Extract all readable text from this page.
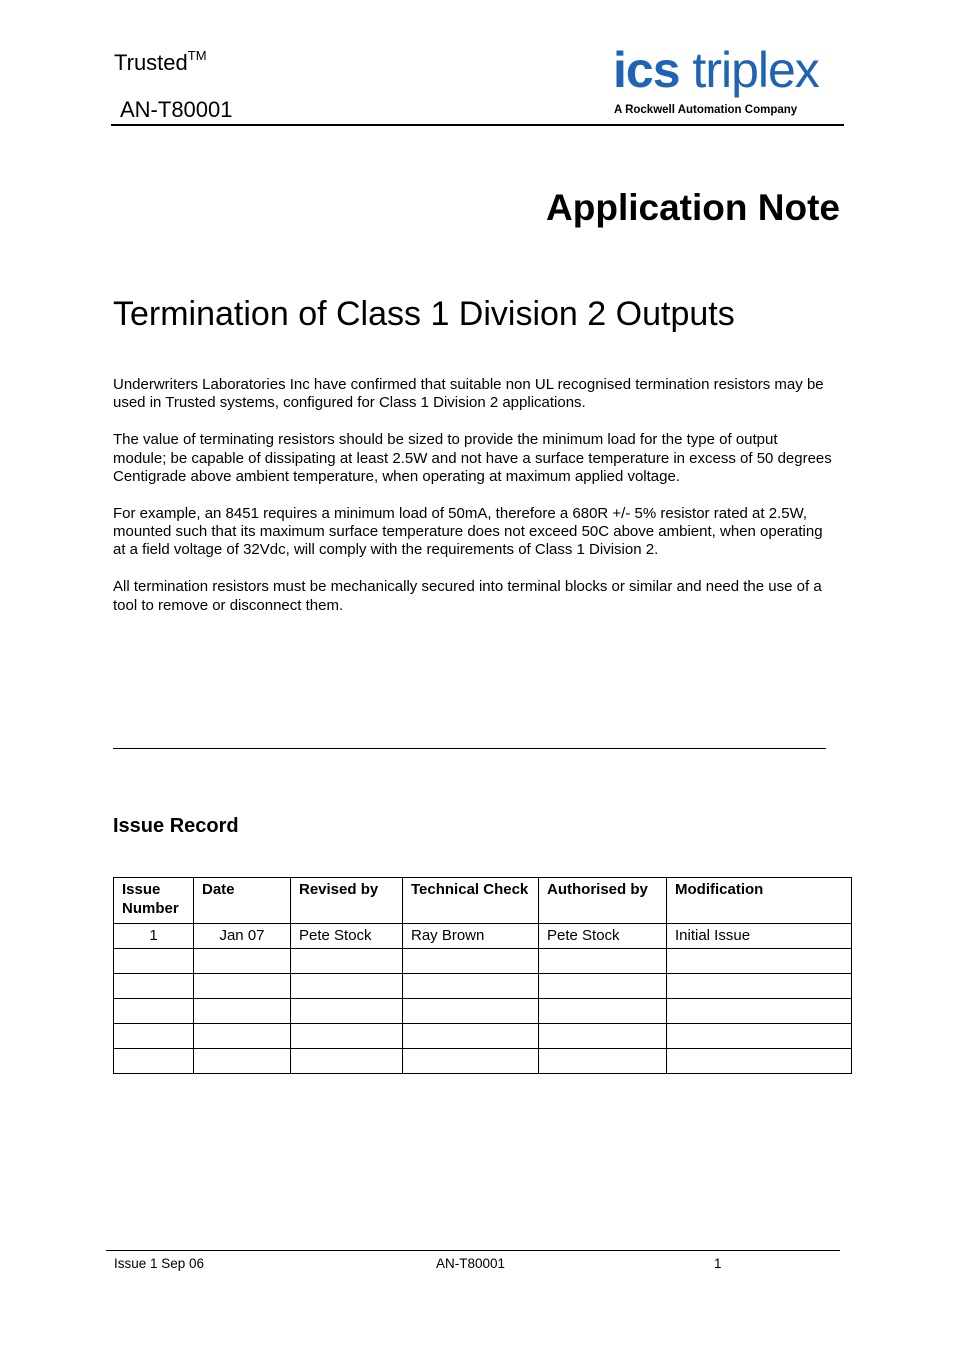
Trusted™
AN-T80001
ics triplex
A Rockwell Automation Company
Application Note
Termination of Class 1 Division 2 Outputs

Underwriters Laboratories Inc have confirmed that suitable non UL recognised termination resistors may be used in Trusted systems, configured for Class 1 Division 2 applications.

The value of terminating resistors should be sized to provide the minimum load for the type of output module; be capable of dissipating at least 2.5W and not have a surface temperature in excess of 50 degrees Centigrade above ambient temperature, when operating at maximum applied voltage.

For example, an 8451 requires a minimum load of 50mA, therefore a 680R +/- 5% resistor rated at 2.5W, mounted such that its maximum surface temperature does not exceed 50C above ambient, when operating at a field voltage of 32Vdc, will comply with the requirements of Class 1 Division 2.

All termination resistors must be mechanically secured into terminal blocks or similar and need the use of a tool to remove or disconnect them.

Issue Record
Issue Number	Date	Revised by	Technical Check	Authorised by	Modification
1	Jan 07	Pete Stock	Ray Brown	Pete Stock	Initial Issue

Issue 1 Sep 06	AN-T80001	1
